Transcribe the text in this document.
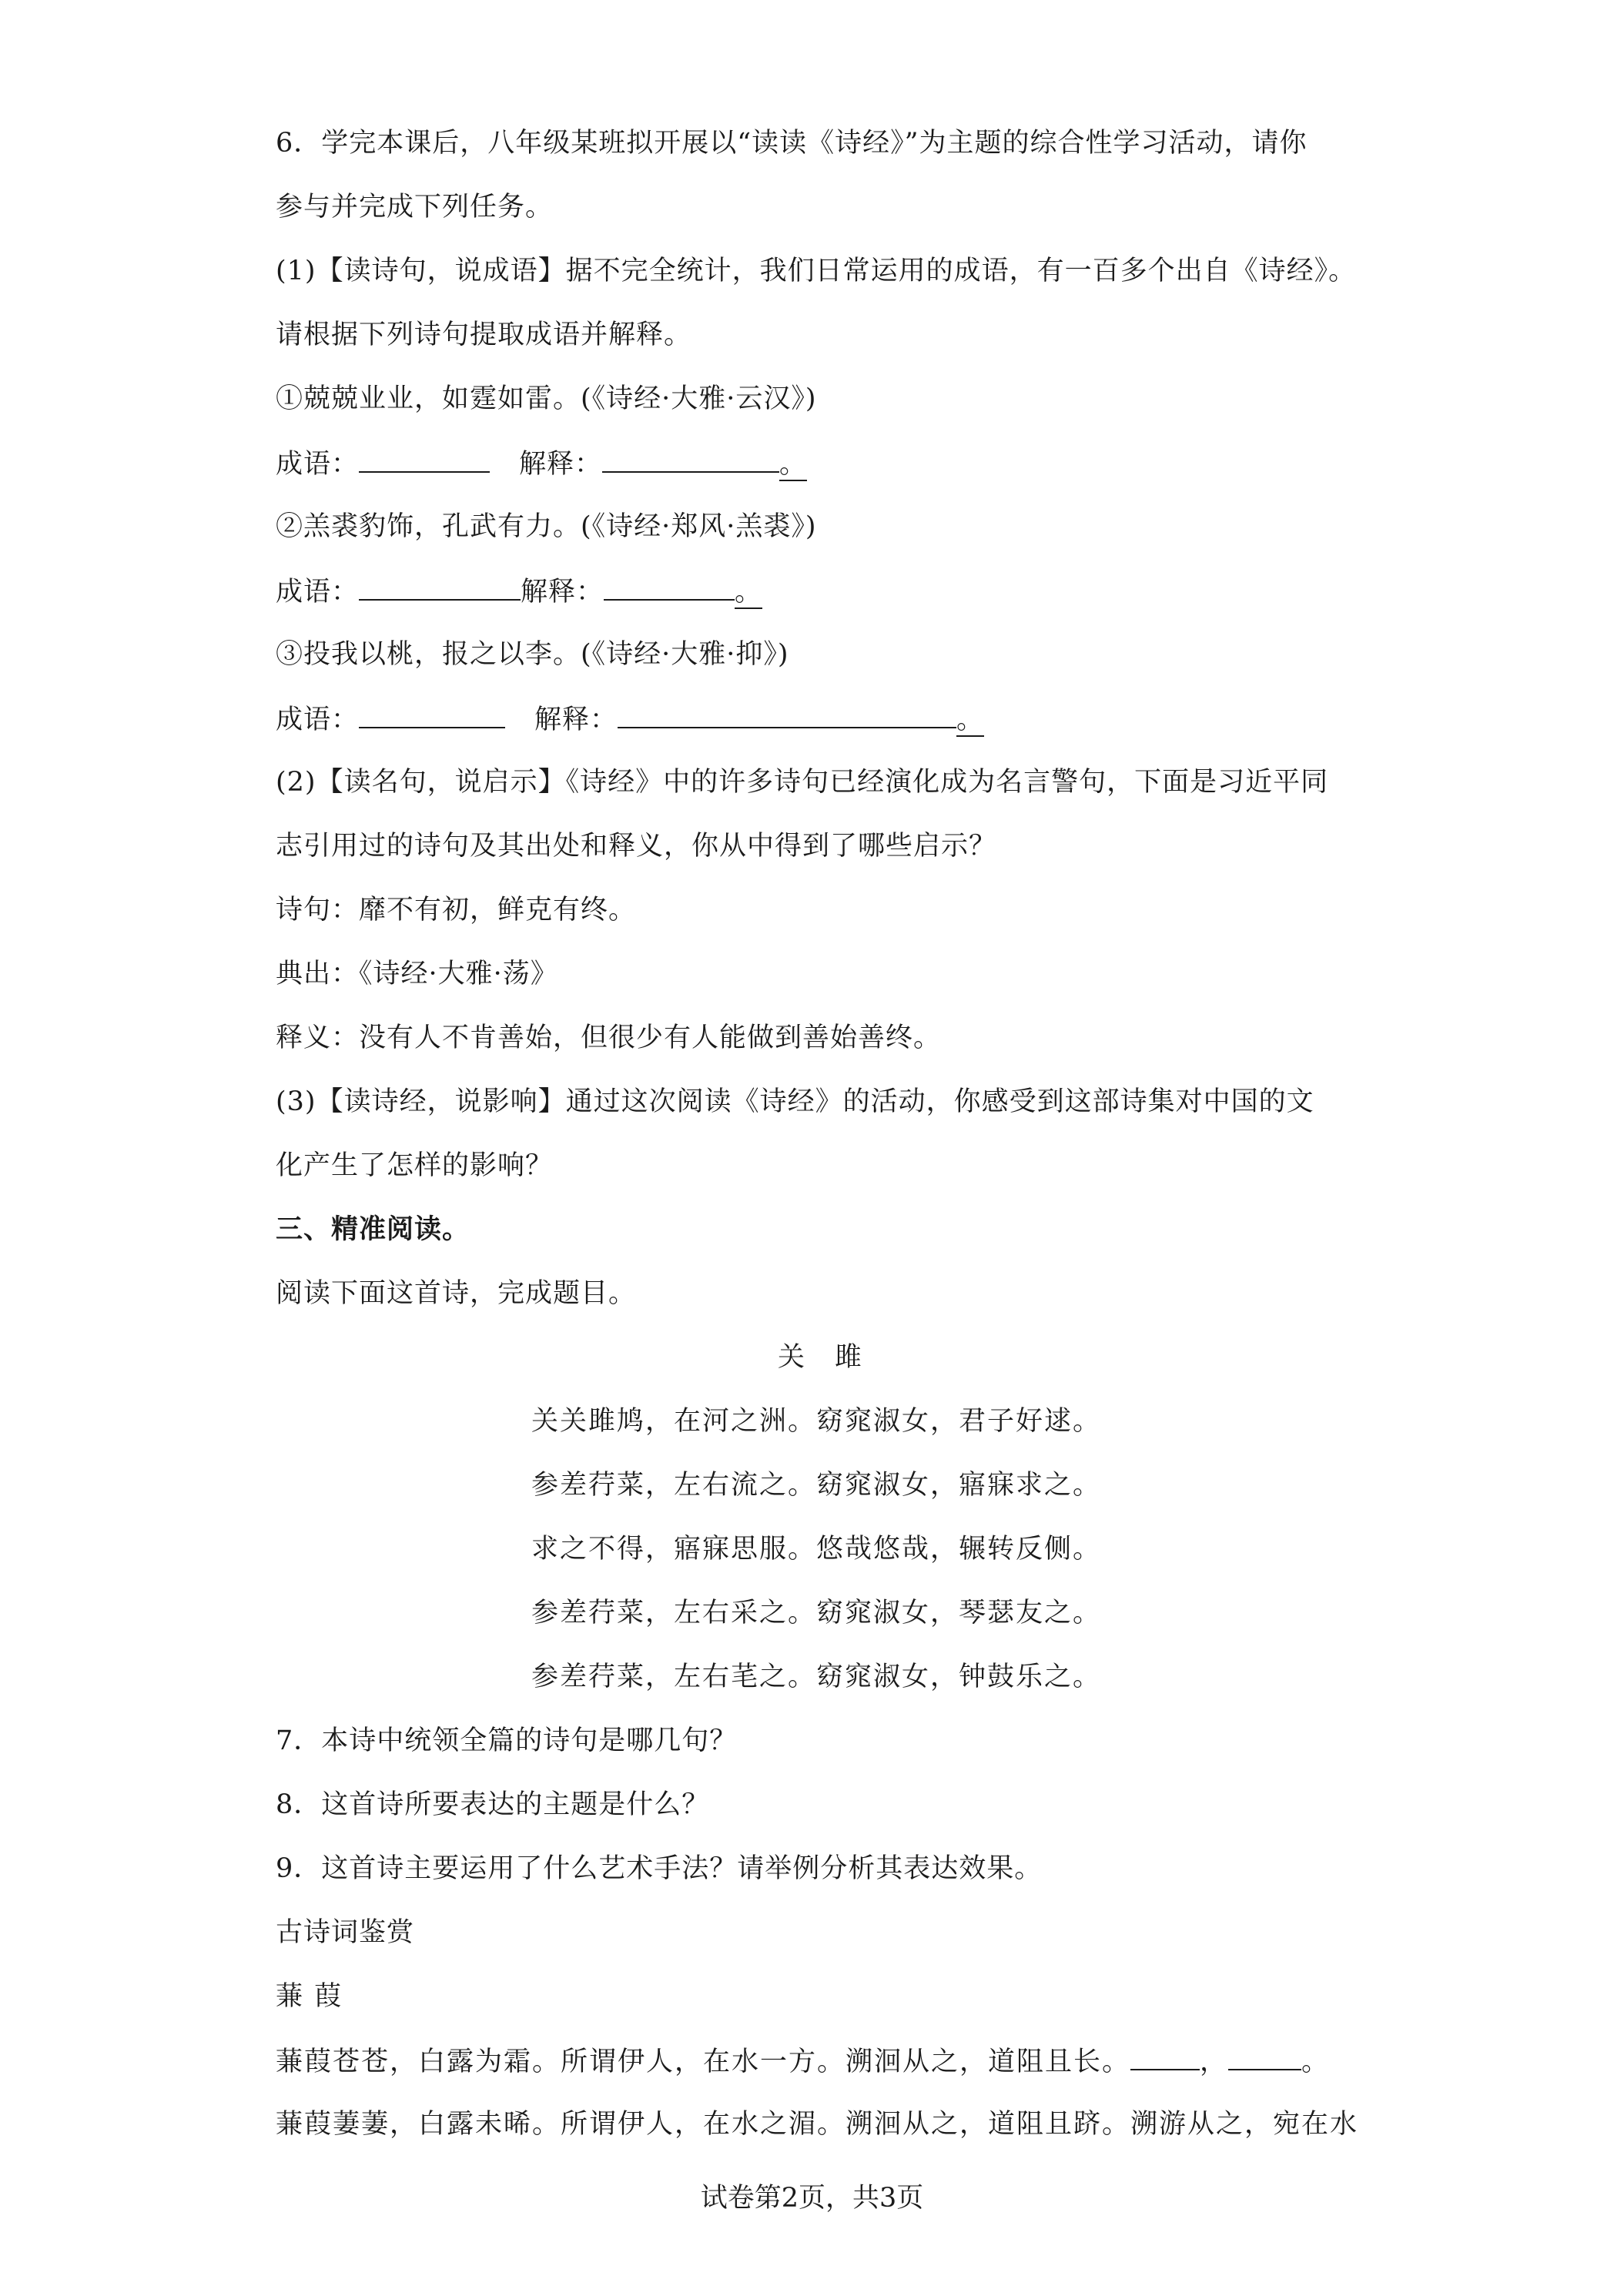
6．学完本课后，八年级某班拟开展以“读读《诗经》”为主题的综合性学习活动，请你
参与并完成下列任务。
(1)【读诗句，说成语】据不完全统计，我们日常运用的成语，有一百多个出自《诗经》。
请根据下列诗句提取成语并解释。
①兢兢业业，如霆如雷。(《诗经·大雅·云汉》)
成语：	解释：	。
②羔裘豹饰，孔武有力。(《诗经·郑风·羔裘》)
成语：	解释：	。
③投我以桃，报之以李。(《诗经·大雅·抑》)
成语：	解释：	。
(2)【读名句，说启示】《诗经》中的许多诗句已经演化成为名言警句，下面是习近平同
志引用过的诗句及其出处和释义，你从中得到了哪些启示？
诗句：靡不有初，鲜克有终。
典出：《诗经·大雅·荡》
释义：没有人不肯善始，但很少有人能做到善始善终。
(3)【读诗经，说影响】通过这次阅读《诗经》的活动，你感受到这部诗集对中国的文
化产生了怎样的影响？
三、精准阅读。
阅读下面这首诗，完成题目。
关　雎
关关雎鸠，在河之洲。窈窕淑女，君子好逑。
参差荇菜，左右流之。窈窕淑女，寤寐求之。
求之不得，寤寐思服。悠哉悠哉，辗转反侧。
参差荇菜，左右采之。窈窕淑女，琴瑟友之。
参差荇菜，左右芼之。窈窕淑女，钟鼓乐之。
7．本诗中统领全篇的诗句是哪几句？
8．这首诗所要表达的主题是什么？
9．这首诗主要运用了什么艺术手法？请举例分析其表达效果。
古诗词鉴赏
蒹 葭
蒹葭苍苍，白露为霜。所谓伊人，在水一方。溯洄从之，道阻且长。	，	。
蒹葭萋萋，白露未晞。所谓伊人，在水之湄。溯洄从之，道阻且跻。溯游从之，宛在水
试卷第2页，共3页
